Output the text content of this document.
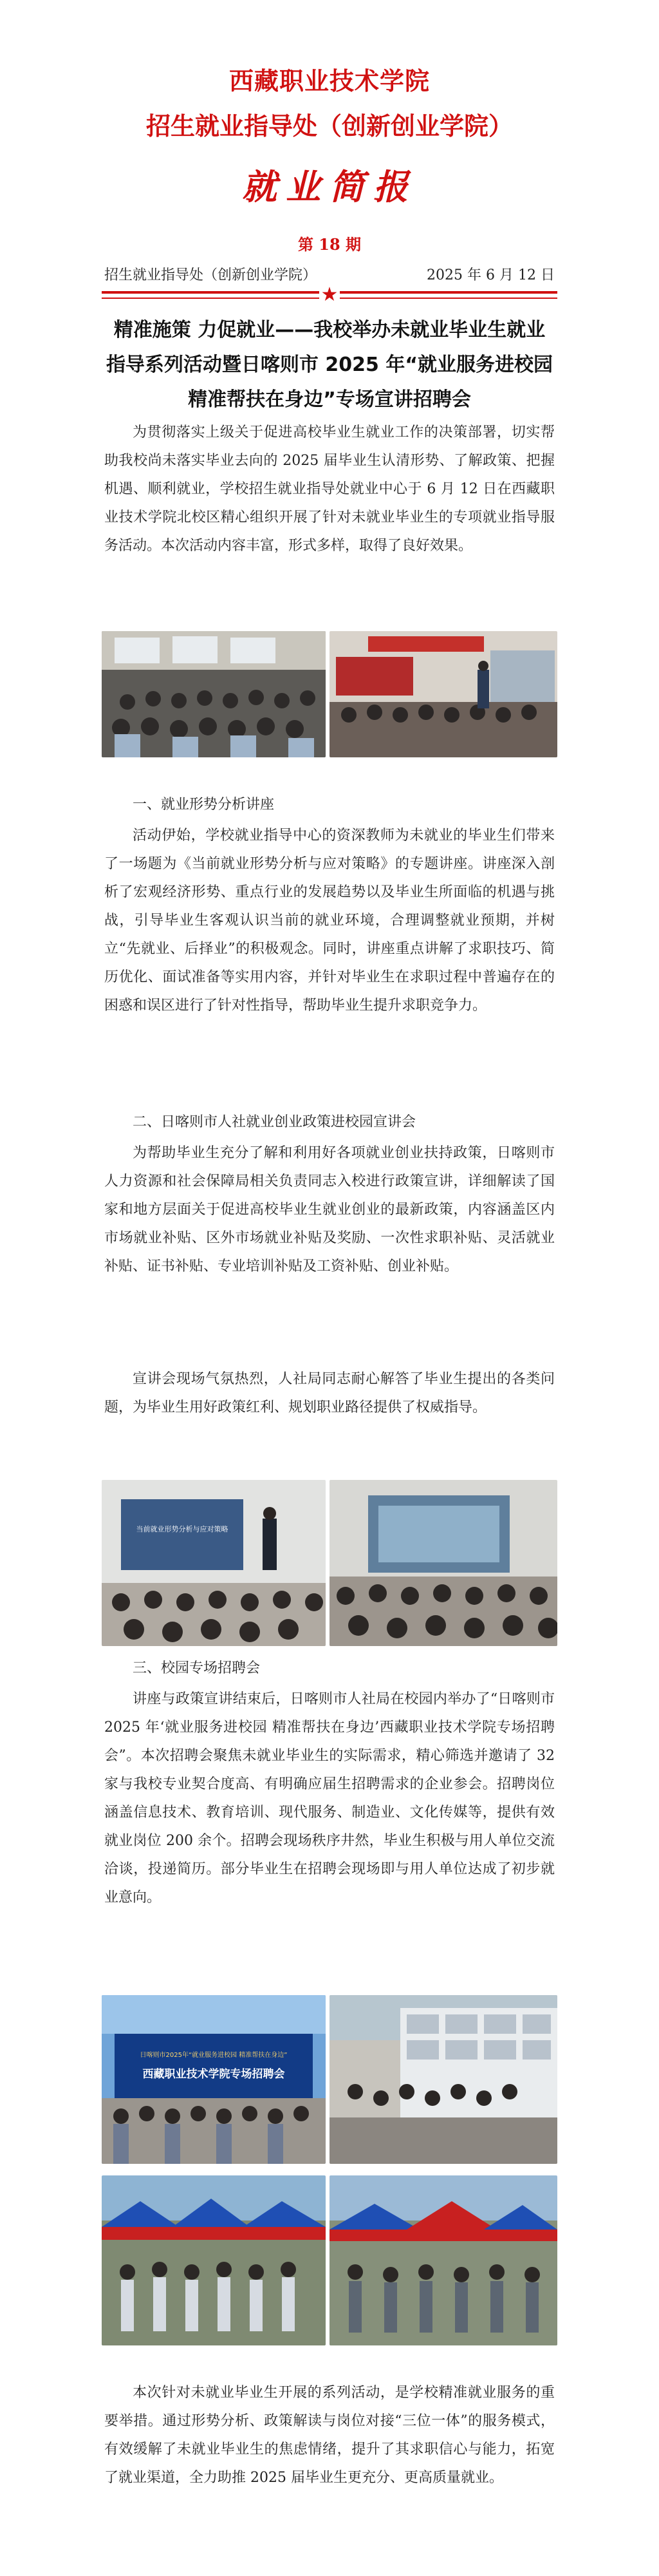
西藏职业技术学院
招生就业指导处（创新创业学院）
就业简报
第 18 期
招生就业指导处（创新创业学院）	2025 年 6 月 12 日
★
精准施策 力促就业——我校举办未就业毕业生就业指导系列活动暨日喀则市 2025 年“就业服务进校园精准帮扶在身边”专场宣讲招聘会

为贯彻落实上级关于促进高校毕业生就业工作的决策部署，切实帮助我校尚未落实毕业去向的 2025 届毕业生认清形势、了解政策、把握机遇、顺利就业，学校招生就业指导处就业中心于 6 月 12 日在西藏职业技术学院北校区精心组织开展了针对未就业毕业生的专项就业指导服务活动。本次活动内容丰富，形式多样，取得了良好效果。

一、就业形势分析讲座

活动伊始，学校就业指导中心的资深教师为未就业的毕业生们带来了一场题为《当前就业形势分析与应对策略》的专题讲座。讲座深入剖析了宏观经济形势、重点行业的发展趋势以及毕业生所面临的机遇与挑战，引导毕业生客观认识当前的就业环境，合理调整就业预期，并树立“先就业、后择业”的积极观念。同时，讲座重点讲解了求职技巧、简历优化、面试准备等实用内容，并针对毕业生在求职过程中普遍存在的困惑和误区进行了针对性指导，帮助毕业生提升求职竞争力。

二、日喀则市人社就业创业政策进校园宣讲会

为帮助毕业生充分了解和利用好各项就业创业扶持政策，日喀则市人力资源和社会保障局相关负责同志入校进行政策宣讲，详细解读了国家和地方层面关于促进高校毕业生就业创业的最新政策，内容涵盖区内市场就业补贴、区外市场就业补贴及奖励、一次性求职补贴、灵活就业补贴、证书补贴、专业培训补贴及工资补贴、创业补贴。

宣讲会现场气氛热烈，人社局同志耐心解答了毕业生提出的各类问题，为毕业生用好政策红利、规划职业路径提供了权威指导。

当前就业形势分析与应对策略

三、校园专场招聘会

讲座与政策宣讲结束后，日喀则市人社局在校园内举办了“日喀则市 2025 年‘就业服务进校园 精准帮扶在身边’西藏职业技术学院专场招聘会”。本次招聘会聚焦未就业毕业生的实际需求，精心筛选并邀请了 32 家与我校专业契合度高、有明确应届生招聘需求的企业参会。招聘岗位涵盖信息技术、教育培训、现代服务、制造业、文化传媒等，提供有效就业岗位 200 余个。招聘会现场秩序井然，毕业生积极与用人单位交流洽谈，投递简历。部分毕业生在招聘会现场即与用人单位达成了初步就业意向。

日喀则市2025年“就业服务进校园 精准帮扶在身边”
西藏职业技术学院专场招聘会

本次针对未就业毕业生开展的系列活动，是学校精准就业服务的重要举措。通过形势分析、政策解读与岗位对接“三位一体”的服务模式，有效缓解了未就业毕业生的焦虑情绪，提升了其求职信心与能力，拓宽了就业渠道，全力助推 2025 届毕业生更充分、更高质量就业。
